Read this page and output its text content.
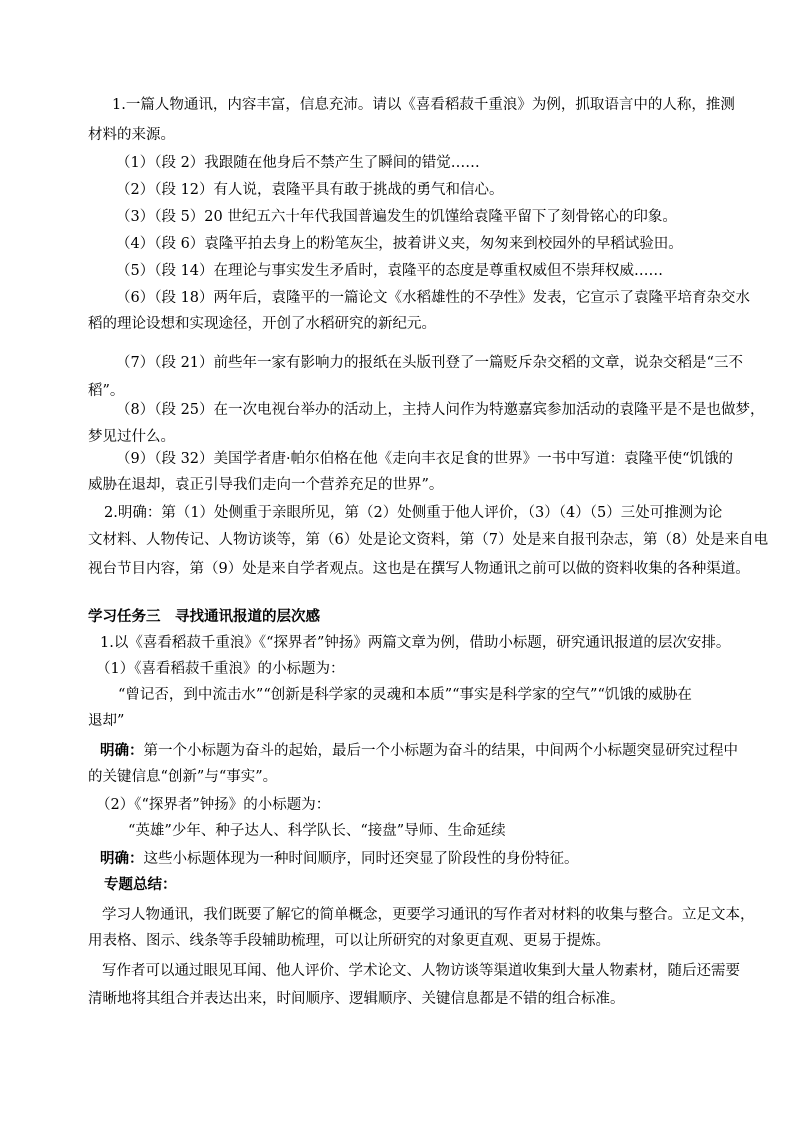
1.一篇人物通讯，内容丰富，信息充沛。请以《喜看稻菽千重浪》为例，抓取语言中的人称，推测
材料的来源。
（1）（段 2）我跟随在他身后不禁产生了瞬间的错觉……
（2）（段 12）有人说，袁隆平具有敢于挑战的勇气和信心。
（3）（段 5）20 世纪五六十年代我国普遍发生的饥馑给袁隆平留下了刻骨铭心的印象。
（4）（段 6）袁隆平拍去身上的粉笔灰尘，披着讲义夹，匆匆来到校园外的早稻试验田。
（5）（段 14）在理论与事实发生矛盾时，袁隆平的态度是尊重权威但不崇拜权威……
（6）（段 18）两年后，袁隆平的一篇论文《水稻雄性的不孕性》发表，它宣示了袁隆平培育杂交水
稻的理论设想和实现途径，开创了水稻研究的新纪元。
（7）（段 21）前些年一家有影响力的报纸在头版刊登了一篇贬斥杂交稻的文章，说杂交稻是“三不
稻”。
（8）（段 25）在一次电视台举办的活动上，主持人问作为特邀嘉宾参加活动的袁隆平是不是也做梦，
梦见过什么。
（9）（段 32）美国学者唐·帕尔伯格在他《走向丰衣足食的世界》一书中写道：袁隆平使“饥饿的
威胁在退却，袁正引导我们走向一个营养充足的世界”。
2.明确：第（1）处侧重于亲眼所见，第（2）处侧重于他人评价，（3）（4）（5）三处可推测为论
文材料、人物传记、人物访谈等，第（6）处是论文资料，第（7）处是来自报刊杂志，第（8）处是来自电
视台节目内容，第（9）处是来自学者观点。这也是在撰写人物通讯之前可以做的资料收集的各种渠道。
学习任务三　寻找通讯报道的层次感
1.以《喜看稻菽千重浪》《“探界者”钟扬》两篇文章为例，借助小标题，研究通讯报道的层次安排。
（1）《喜看稻菽千重浪》的小标题为：
“曾记否，到中流击水”“创新是科学家的灵魂和本质”“事实是科学家的空气”“饥饿的威胁在
退却”
明确：第一个小标题为奋斗的起始，最后一个小标题为奋斗的结果，中间两个小标题突显研究过程中
的关键信息“创新”与“事实”。
（2）《“探界者”钟扬》的小标题为：
“英雄”少年、种子达人、科学队长、“接盘”导师、生命延续
明确：这些小标题体现为一种时间顺序，同时还突显了阶段性的身份特征。
专题总结：
学习人物通讯，我们既要了解它的简单概念，更要学习通讯的写作者对材料的收集与整合。立足文本，
用表格、图示、线条等手段辅助梳理，可以让所研究的对象更直观、更易于提炼。
写作者可以通过眼见耳闻、他人评价、学术论文、人物访谈等渠道收集到大量人物素材，随后还需要
清晰地将其组合并表达出来，时间顺序、逻辑顺序、关键信息都是不错的组合标准。
